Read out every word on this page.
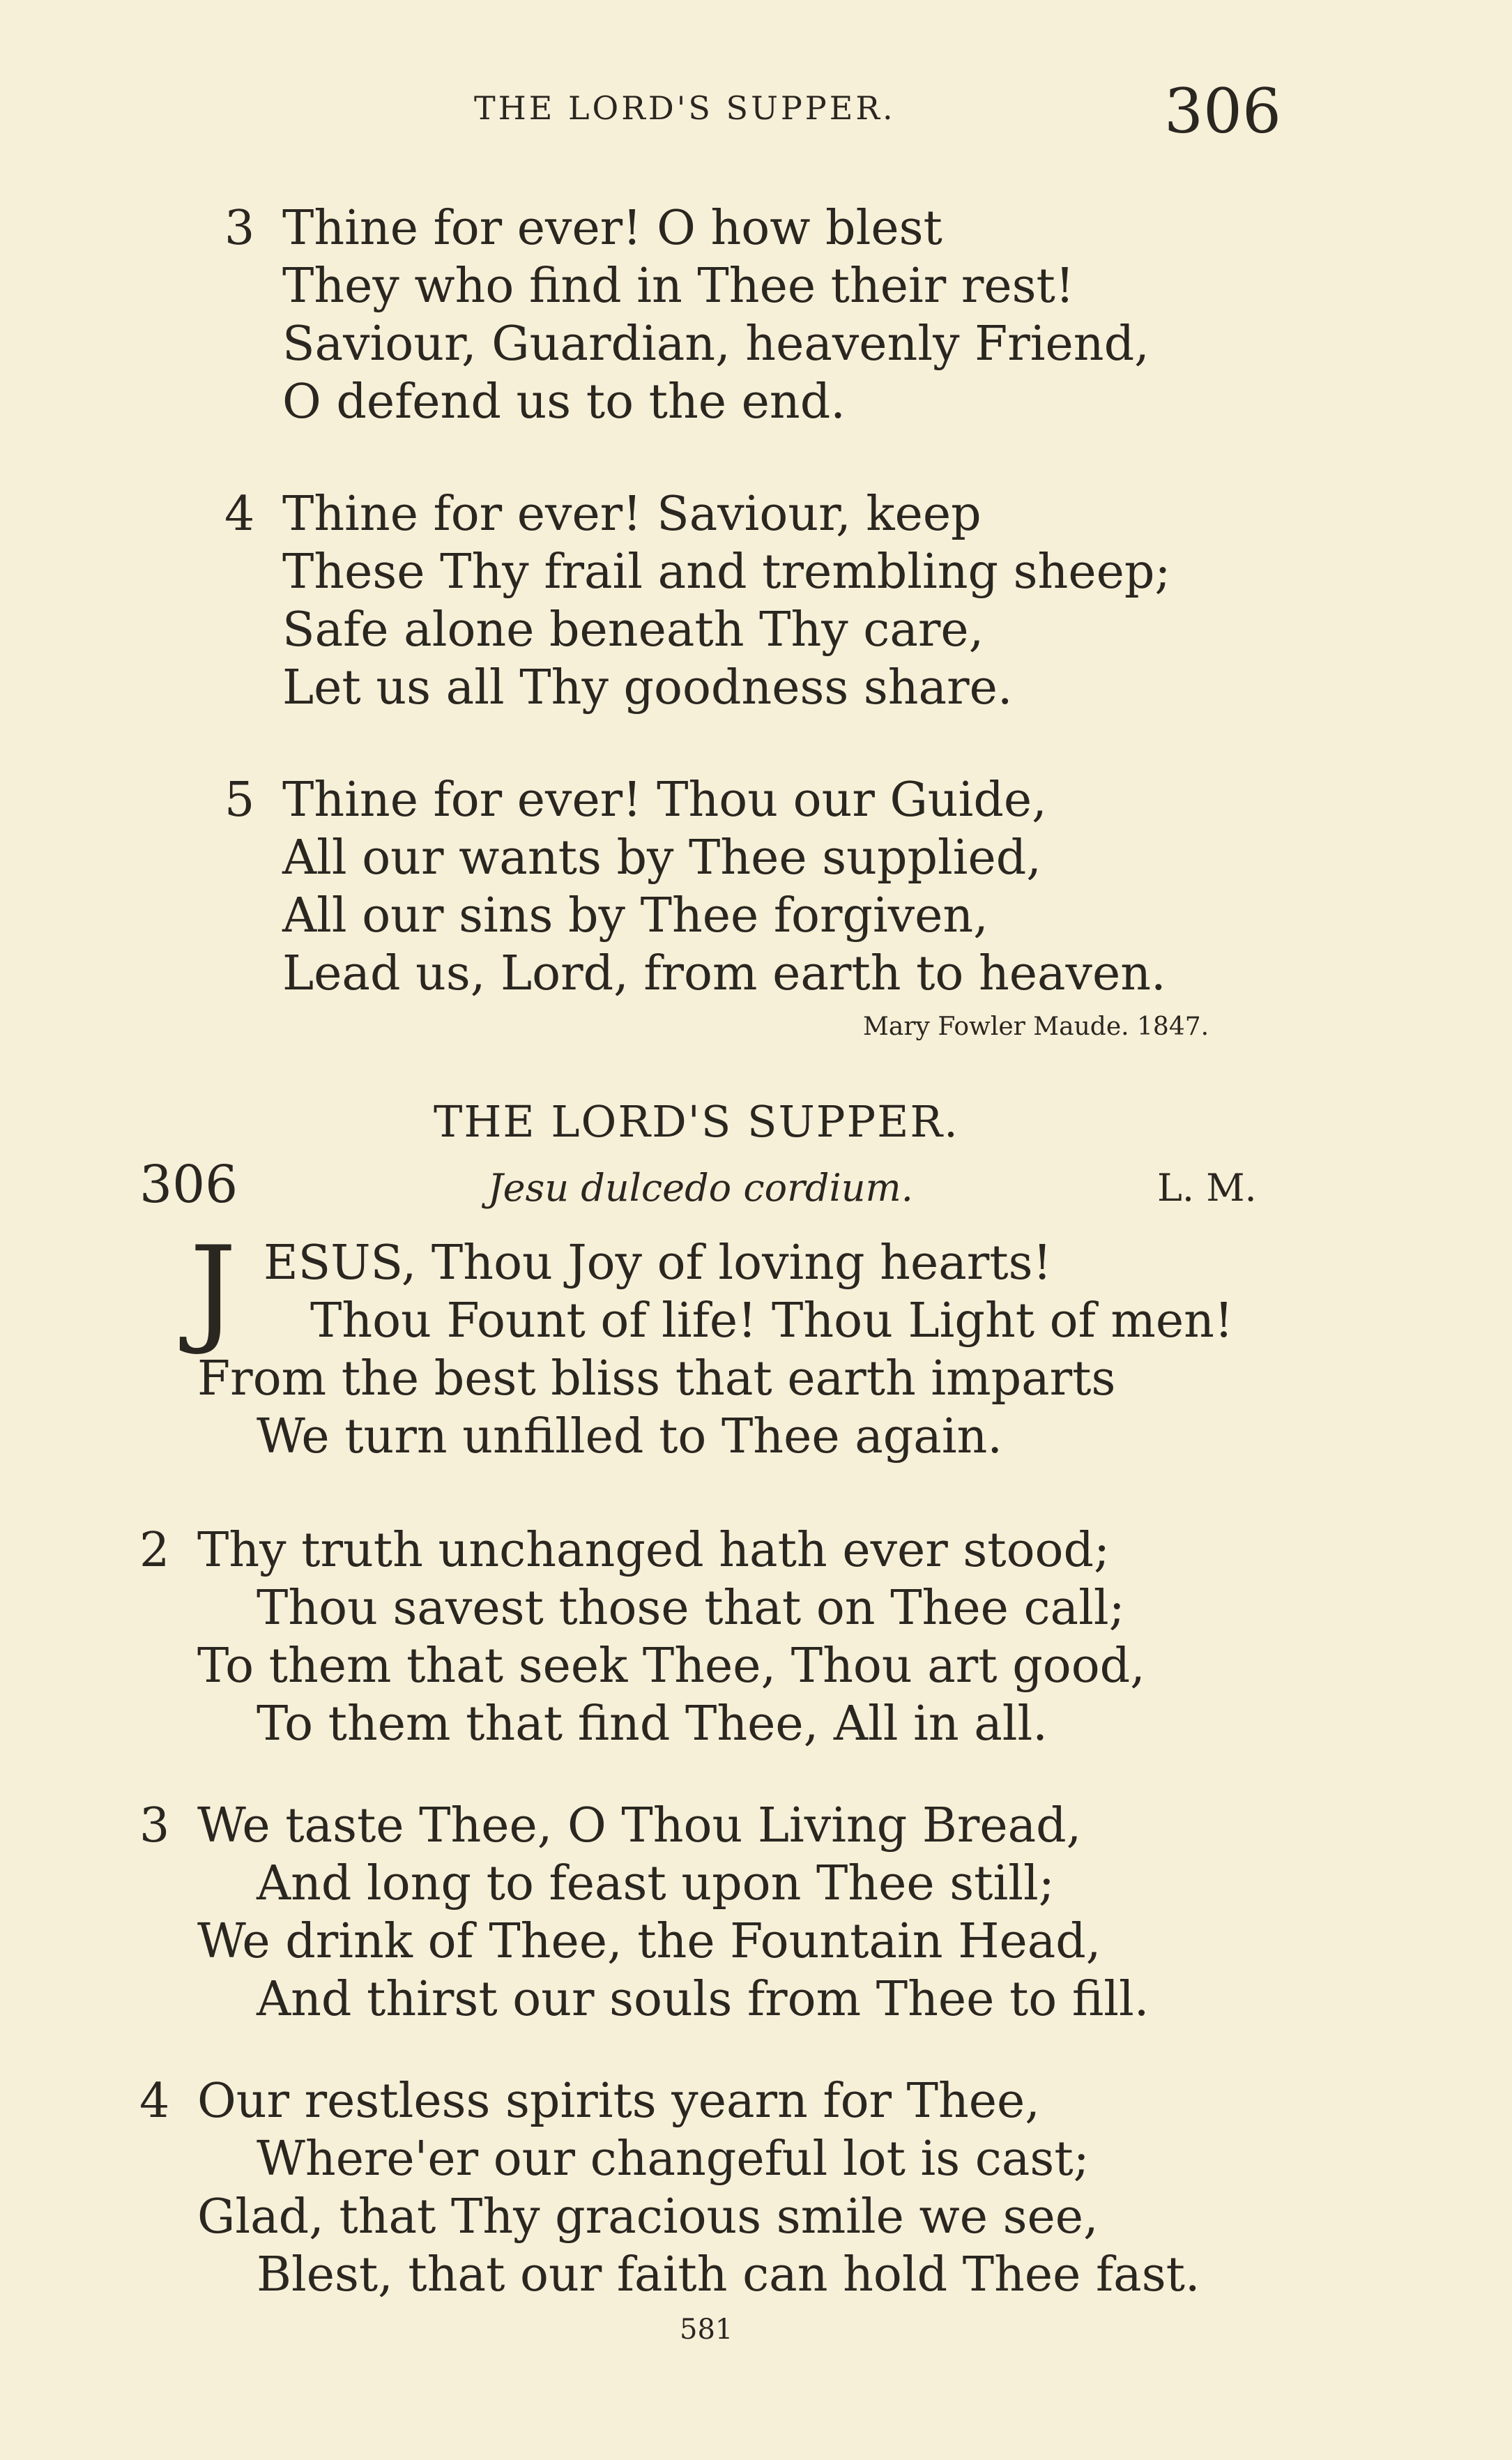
THE LORD'S SUPPER.	306
3 Thine for ever! O how blest
They who find in Thee their rest!
Saviour, Guardian, heavenly Friend,
O defend us to the end.
4 Thine for ever! Saviour, keep
These Thy frail and trembling sheep;
Safe alone beneath Thy care,
Let us all Thy goodness share.
5 Thine for ever! Thou our Guide,
All our wants by Thee supplied,
All our sins by Thee forgiven,
Lead us, Lord, from earth to heaven.
Mary Fowler Maude. 1847.
THE LORD'S SUPPER.
306	Jesu dulcedo cordium.	L. M.
J ESUS, Thou Joy of loving hearts!
Thou Fount of life! Thou Light of men!
From the best bliss that earth imparts
We turn unfilled to Thee again.
2 Thy truth unchanged hath ever stood;
Thou savest those that on Thee call;
To them that seek Thee, Thou art good,
To them that find Thee, All in all.
3 We taste Thee, O Thou Living Bread,
And long to feast upon Thee still;
We drink of Thee, the Fountain Head,
And thirst our souls from Thee to fill.
4 Our restless spirits yearn for Thee,
Where'er our changeful lot is cast;
Glad, that Thy gracious smile we see,
Blest, that our faith can hold Thee fast.
581
